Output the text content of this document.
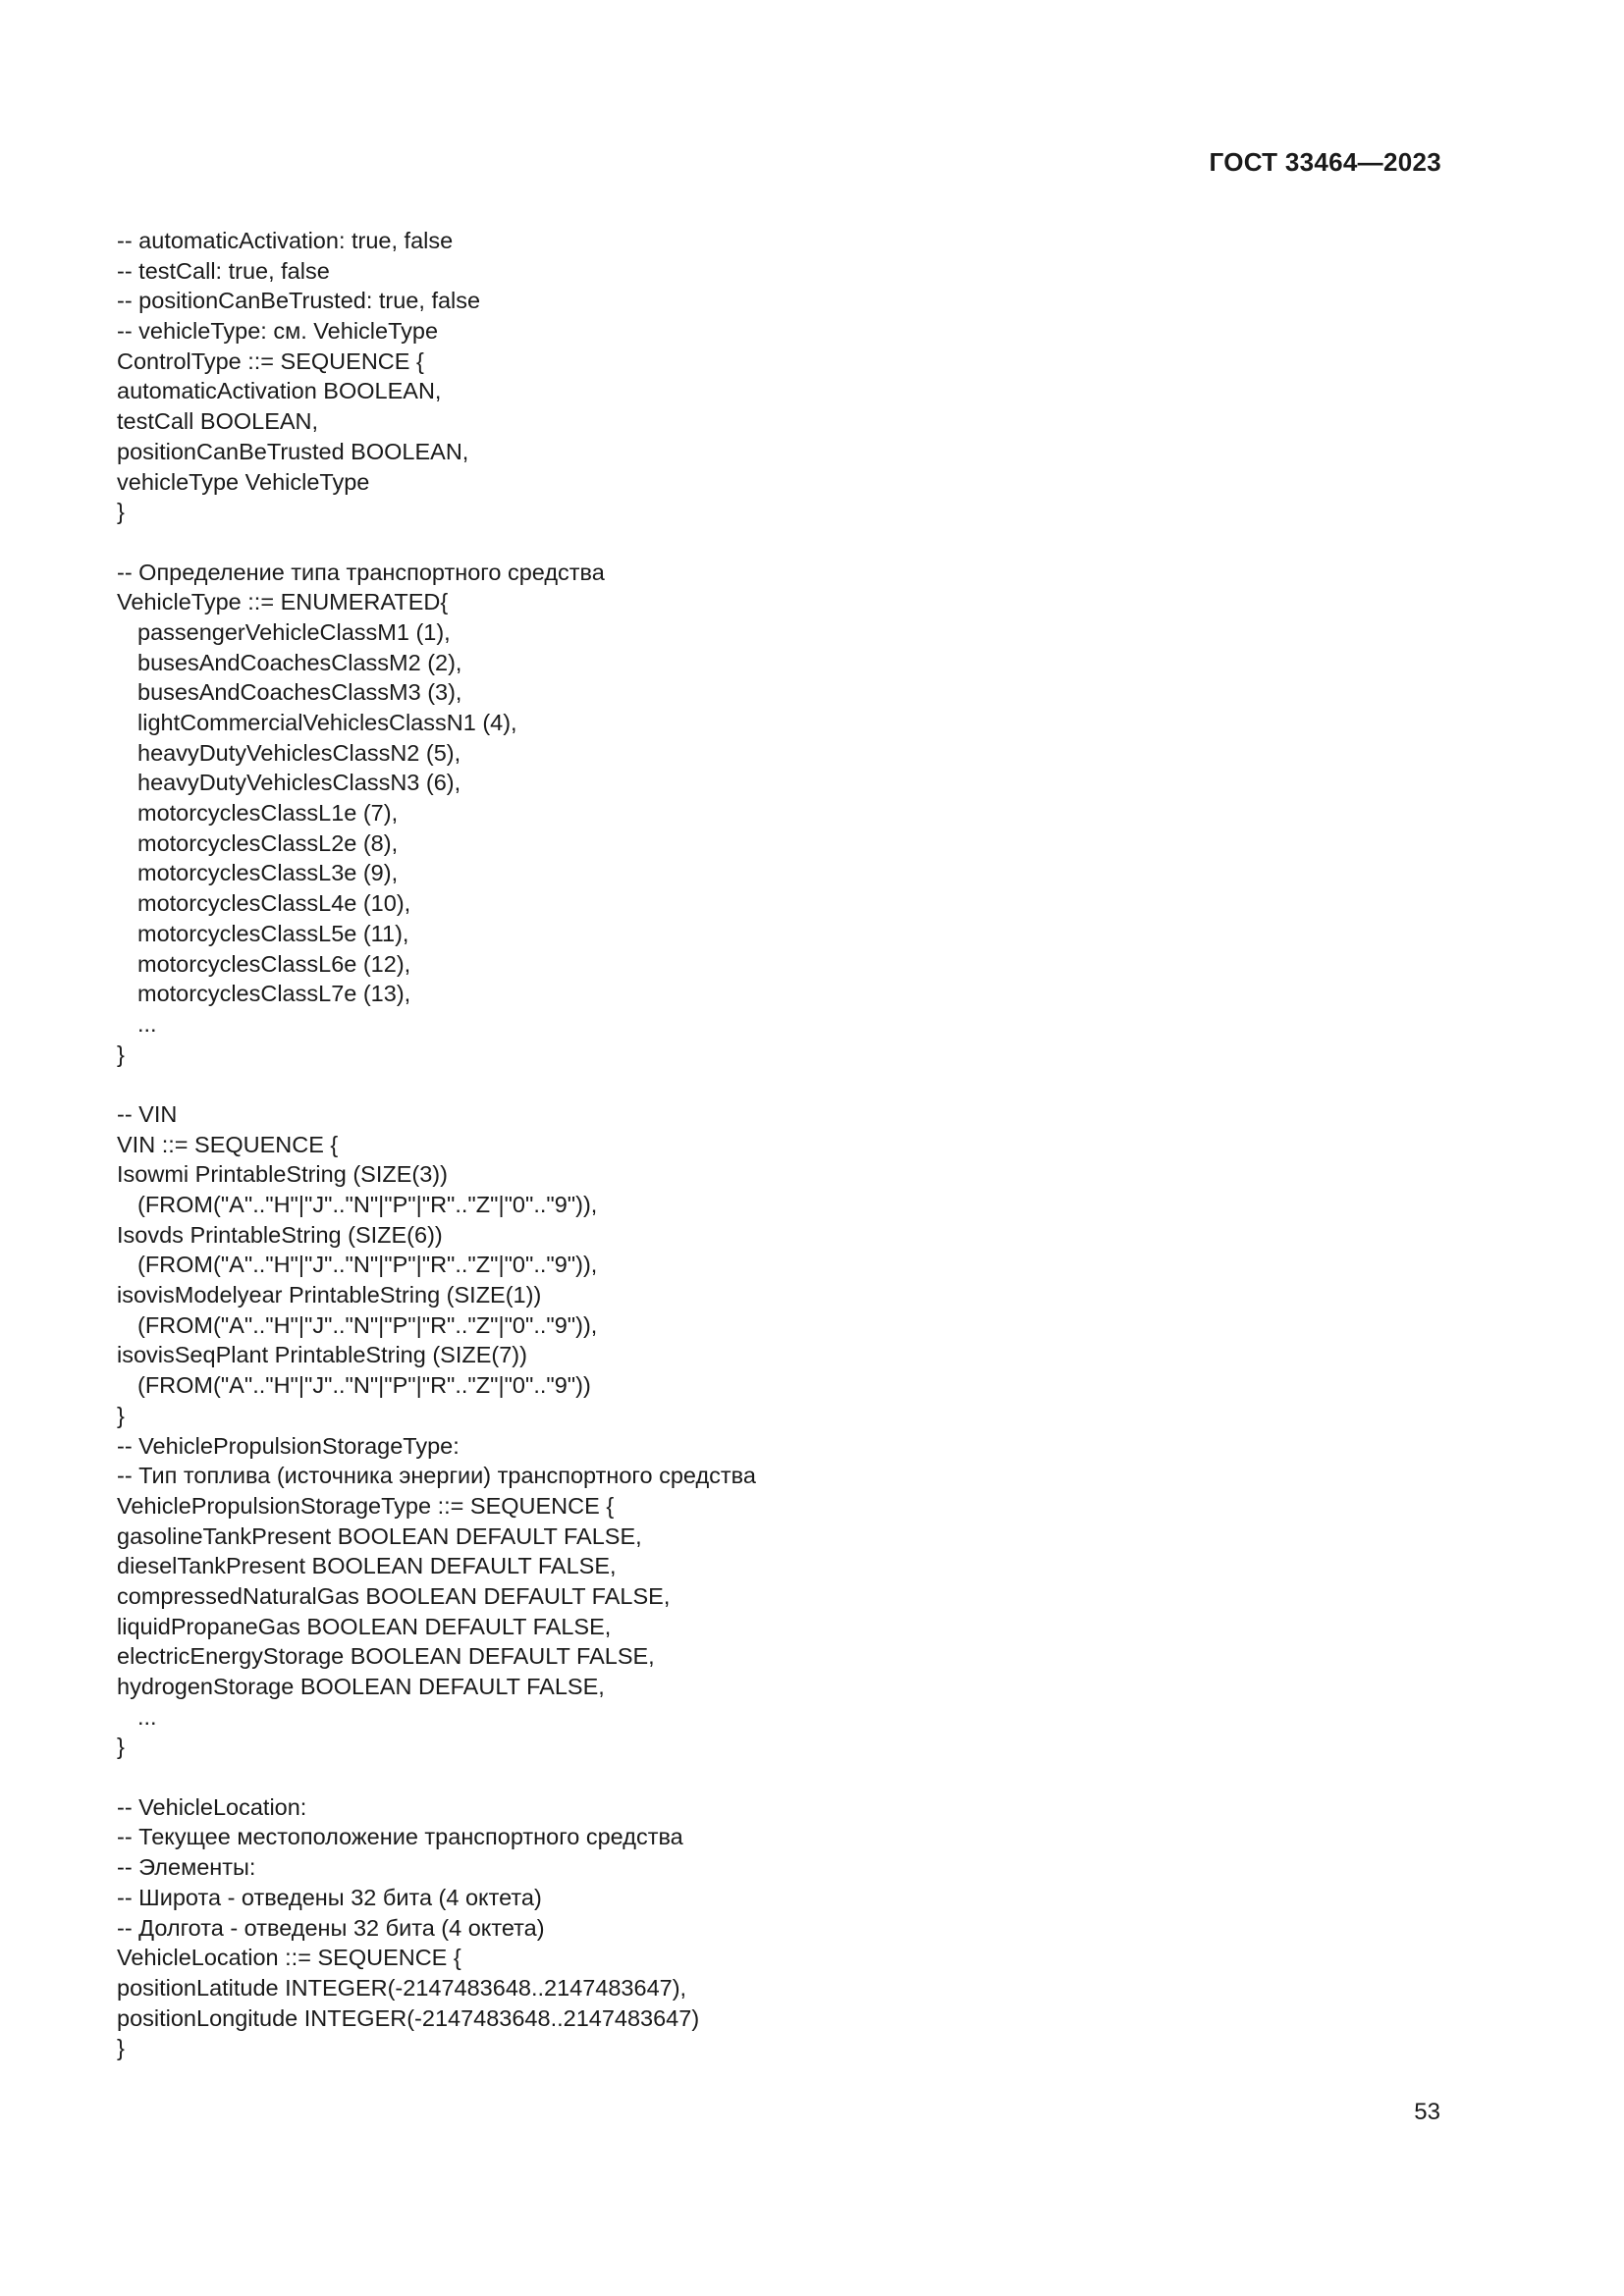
ГОСТ 33464—2023
-- automaticActivation: true, false
-- testCall: true, false
-- positionCanBeTrusted: true, false
-- vehicleType: см. VehicleType
ControlType ::= SEQUENCE {
automaticActivation BOOLEAN,
testCall BOOLEAN,
positionCanBeTrusted BOOLEAN,
vehicleType VehicleType
}
-- Определение типа транспортного средства
VehicleType ::= ENUMERATED{
passengerVehicleClassM1 (1),
busesAndCoachesClassM2 (2),
busesAndCoachesClassM3 (3),
lightCommercialVehiclesClassN1 (4),
heavyDutyVehiclesClassN2 (5),
heavyDutyVehiclesClassN3 (6),
motorcyclesClassL1e (7),
motorcyclesClassL2e (8),
motorcyclesClassL3e (9),
motorcyclesClassL4e (10),
motorcyclesClassL5e (11),
motorcyclesClassL6e (12),
motorcyclesClassL7e (13),
...
}
-- VIN
VIN ::= SEQUENCE {
Isowmi PrintableString (SIZE(3))
(FROM("A".."H"|"J".."N"|"P"|"R".."Z"|"0".."9")),
Isovds PrintableString (SIZE(6))
(FROM("A".."H"|"J".."N"|"P"|"R".."Z"|"0".."9")),
isovisModelyear PrintableString (SIZE(1))
(FROM("A".."H"|"J".."N"|"P"|"R".."Z"|"0".."9")),
isovisSeqPlant PrintableString (SIZE(7))
(FROM("A".."H"|"J".."N"|"P"|"R".."Z"|"0".."9"))
}
-- VehiclePropulsionStorageType:
-- Тип топлива (источника энергии) транспортного средства
VehiclePropulsionStorageType ::= SEQUENCE {
gasolineTankPresent BOOLEAN DEFAULT FALSE,
dieselTankPresent BOOLEAN DEFAULT FALSE,
compressedNaturalGas BOOLEAN DEFAULT FALSE,
liquidPropaneGas BOOLEAN DEFAULT FALSE,
electricEnergyStorage BOOLEAN DEFAULT FALSE,
hydrogenStorage BOOLEAN DEFAULT FALSE,
...
}
-- VehicleLocation:
-- Текущее местоположение транспортного средства
-- Элементы:
-- Широта - отведены 32 бита (4 октета)
-- Долгота - отведены 32 бита (4 октета)
VehicleLocation ::= SEQUENCE {
positionLatitude INTEGER(-2147483648..2147483647),
positionLongitude INTEGER(-2147483648..2147483647)
}
53
